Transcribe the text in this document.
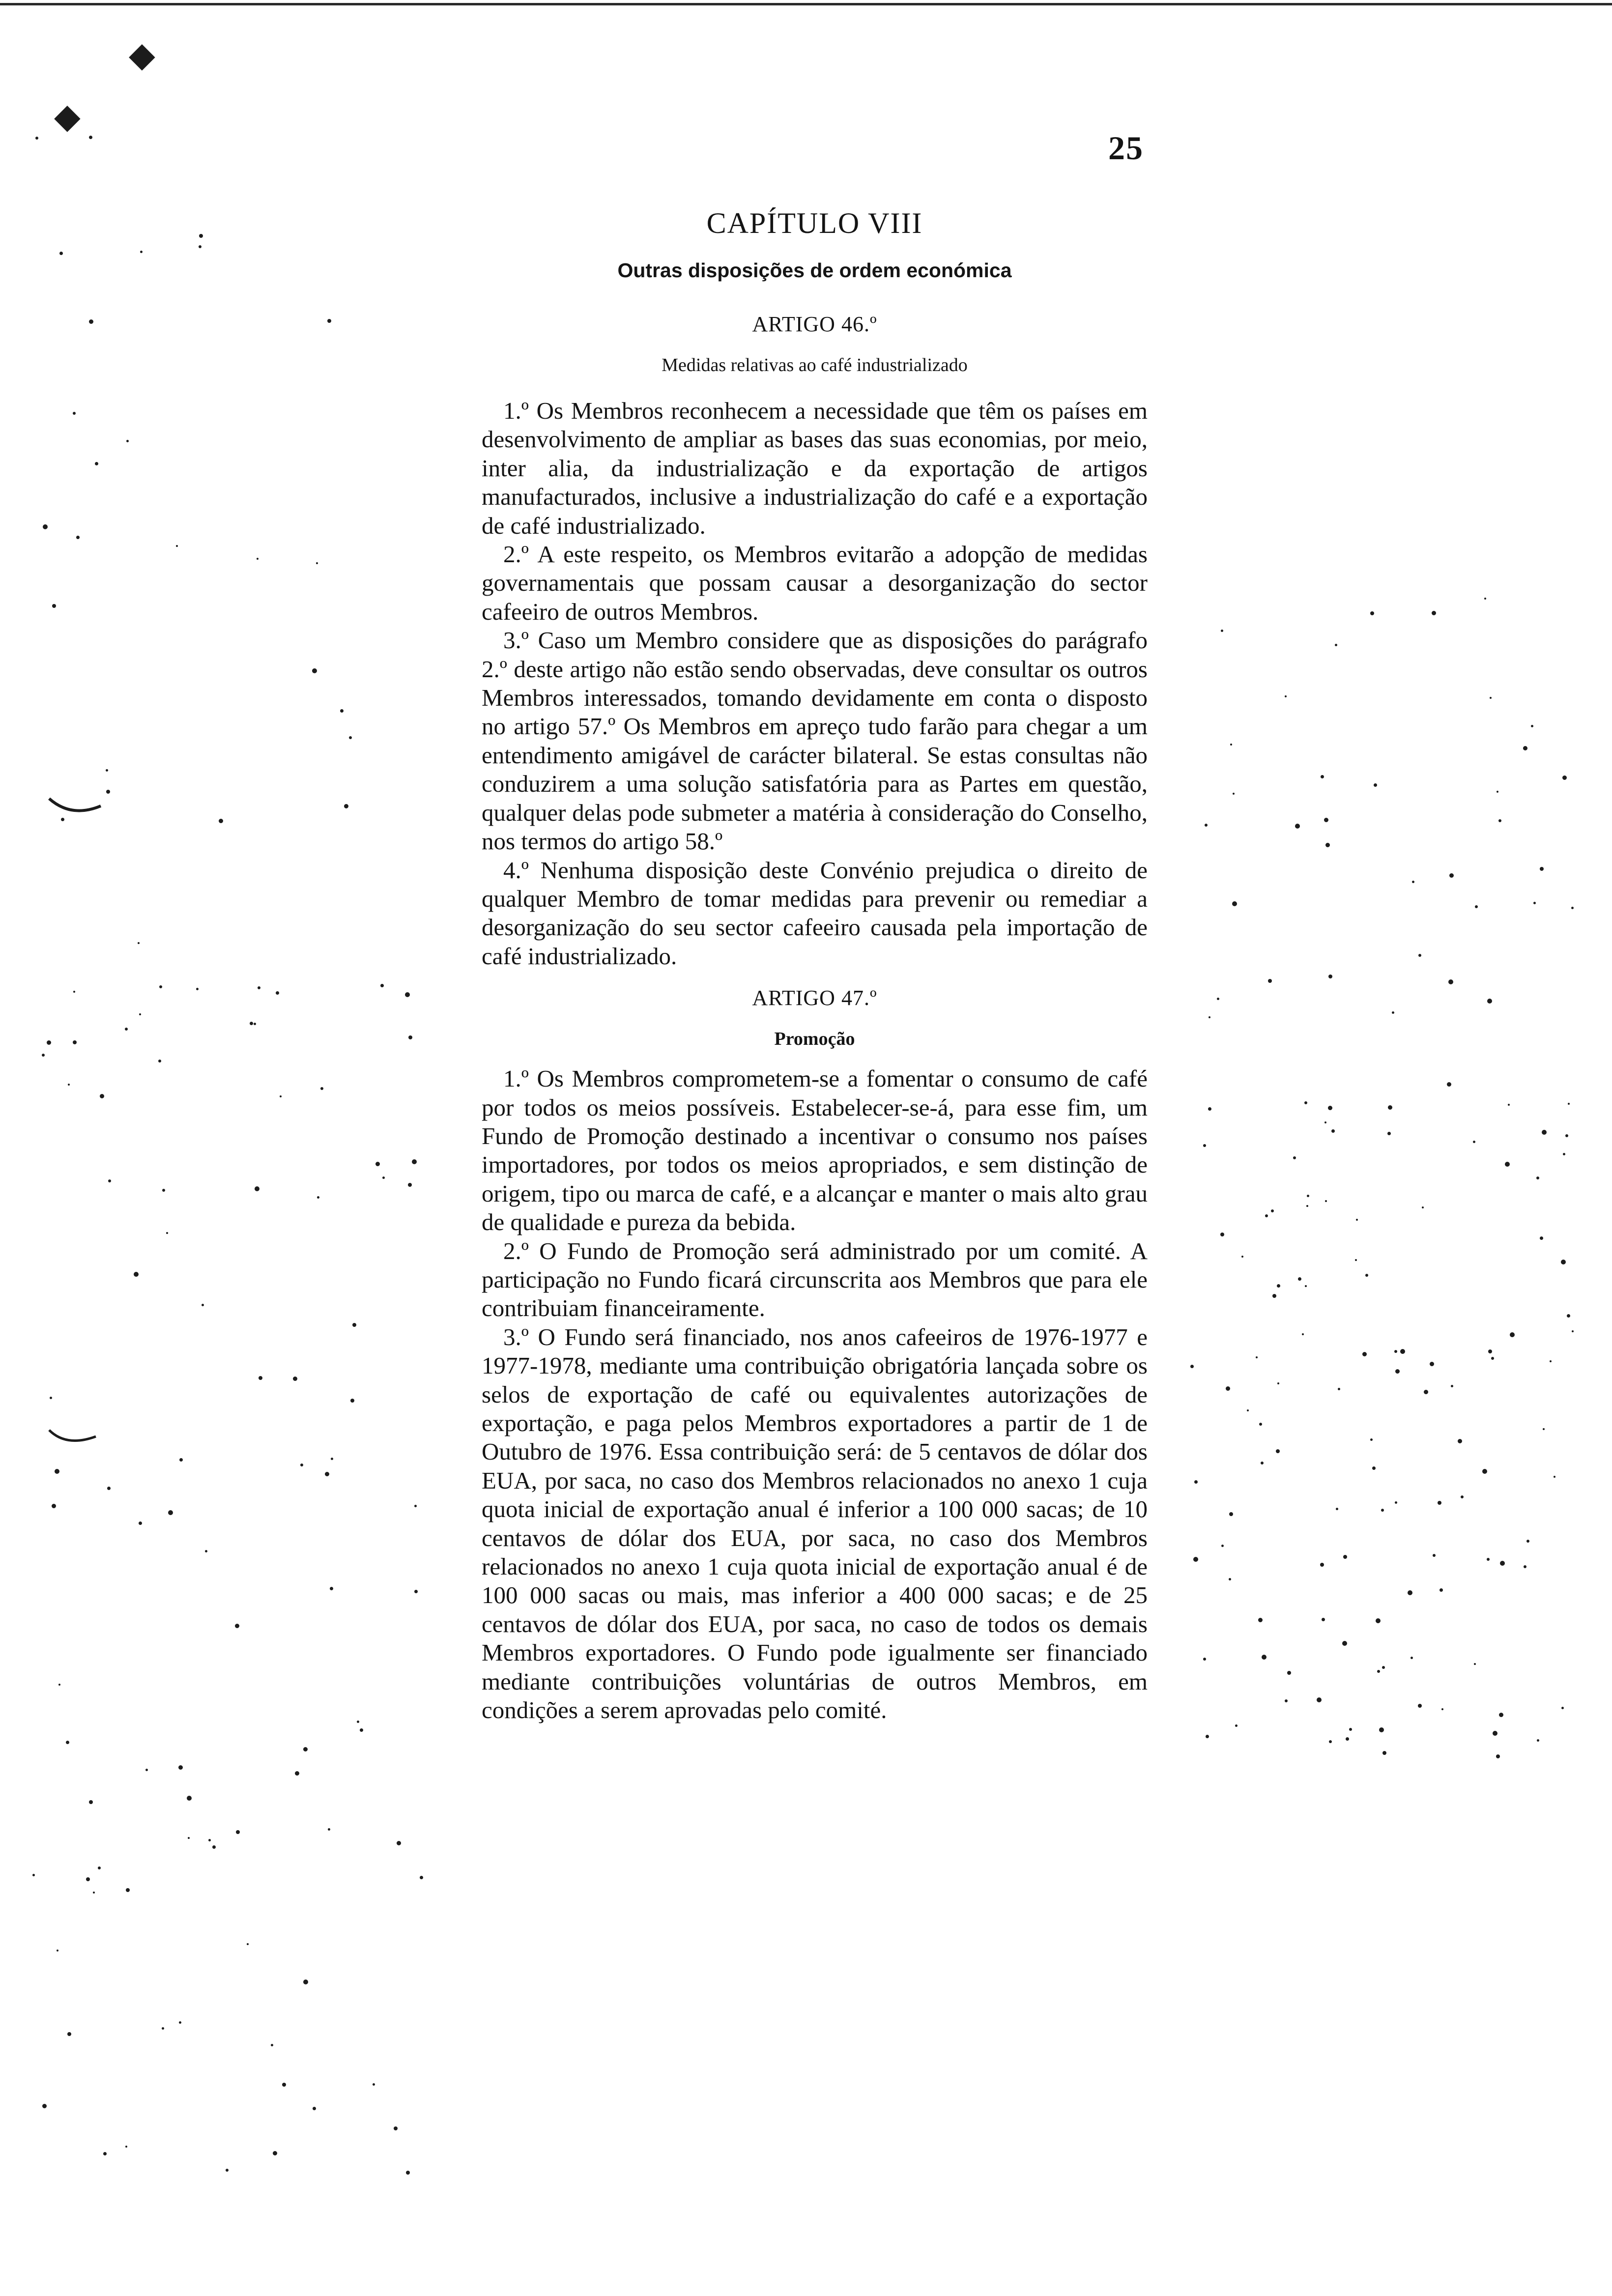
25
CAPÍTULO VIII
Outras disposições de ordem económica
ARTIGO 46.º
Medidas relativas ao café industrializado

1.º Os Membros reconhecem a necessidade que têm os países em desenvolvimento de ampliar as bases das suas economias, por meio, inter alia, da industrialização e da exportação de artigos manufacturados, inclusive a industrialização do café e a exportação de café industrializado.

2.º A este respeito, os Membros evitarão a adopção de medidas governamentais que possam causar a desorganização do sector cafeeiro de outros Membros.

3.º Caso um Membro considere que as disposições do parágrafo 2.º deste artigo não estão sendo observadas, deve consultar os outros Membros interessados, tomando devidamente em conta o disposto no artigo 57.º Os Membros em apreço tudo farão para chegar a um entendimento amigável de carácter bilateral. Se estas consultas não conduzirem a uma solução satisfatória para as Partes em questão, qualquer delas pode submeter a matéria à consideração do Conselho, nos termos do artigo 58.º

4.º Nenhuma disposição deste Convénio prejudica o direito de qualquer Membro de tomar medidas para prevenir ou remediar a desorganização do seu sector cafeeiro causada pela importação de café industrializado.

ARTIGO 47.º
Promoção

1.º Os Membros comprometem-se a fomentar o consumo de café por todos os meios possíveis. Estabelecer-se-á, para esse fim, um Fundo de Promoção destinado a incentivar o consumo nos países importadores, por todos os meios apropriados, e sem distinção de origem, tipo ou marca de café, e a alcançar e manter o mais alto grau de qualidade e pureza da bebida.

2.º O Fundo de Promoção será administrado por um comité. A participação no Fundo ficará circunscrita aos Membros que para ele contribuiam financeiramente.

3.º O Fundo será financiado, nos anos cafeeiros de 1976-1977 e 1977-1978, mediante uma contribuição obrigatória lançada sobre os selos de exportação de café ou equivalentes autorizações de exportação, e paga pelos Membros exportadores a partir de 1 de Outubro de 1976. Essa contribuição será: de 5 centavos de dólar dos EUA, por saca, no caso dos Membros relacionados no anexo 1 cuja quota inicial de exportação anual é inferior a 100 000 sacas; de 10 centavos de dólar dos EUA, por saca, no caso dos Membros relacionados no anexo 1 cuja quota inicial de exportação anual é de 100 000 sacas ou mais, mas inferior a 400 000 sacas; e de 25 centavos de dólar dos EUA, por saca, no caso de todos os demais Membros exportadores. O Fundo pode igualmente ser financiado mediante contribuições voluntárias de outros Membros, em condições a serem aprovadas pelo comité.

◆
◆
